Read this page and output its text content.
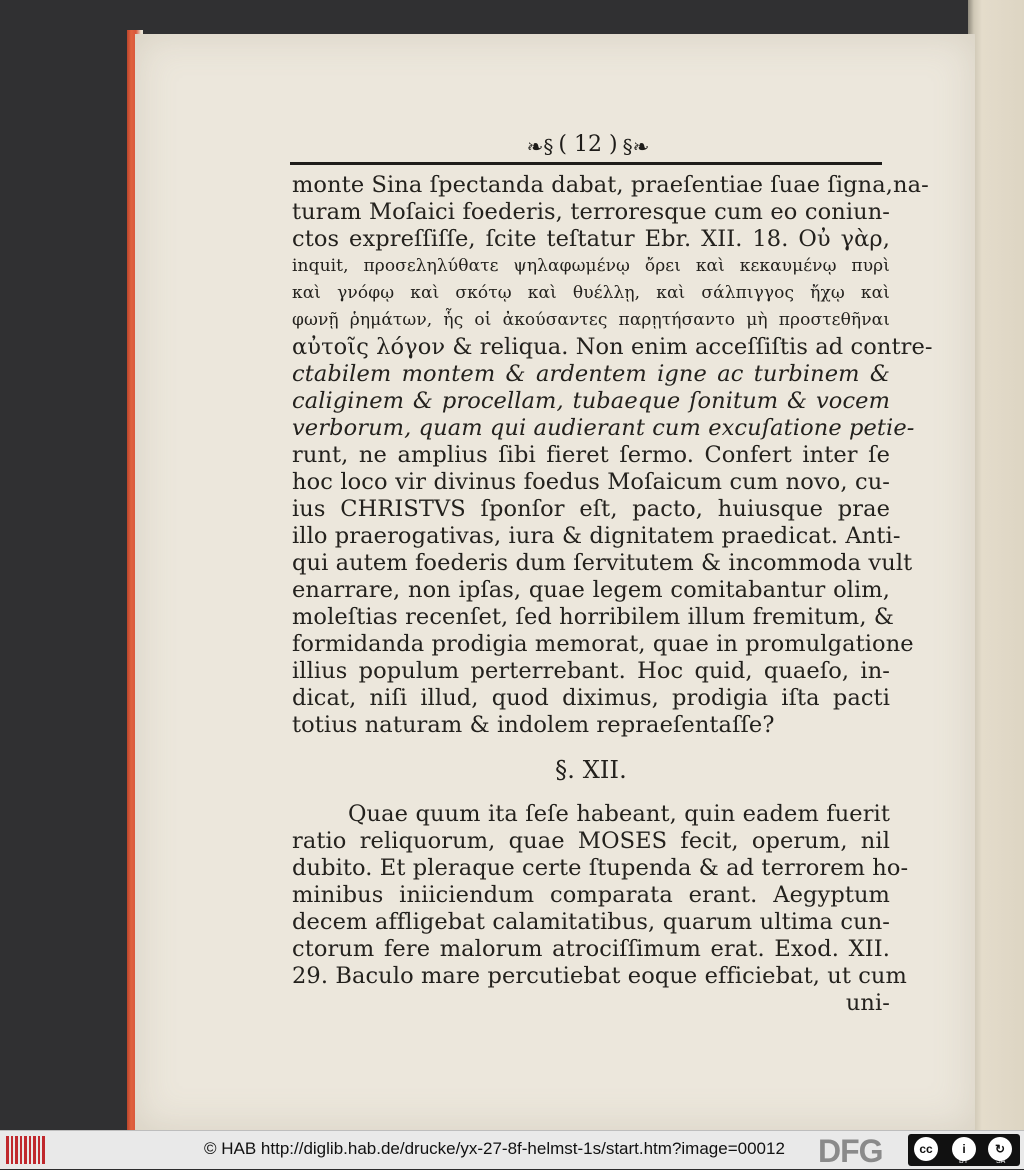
❧§ ( 12 ) §❧
monte Sina ſpectanda dabat, praeſentiae ſuae ſigna,na-
turam Moſaici foederis, terroresque cum eo coniun-
ctos expreſſiſſe, ſcite teſtatur Ebr. XII. 18. Οὐ γὰρ,
inquit, προσεληλύθατε ψηλαφωμένῳ ὄρει καὶ κεκαυμένῳ πυρὶ
καὶ γνόφῳ καὶ σκότῳ καὶ θυέλλῃ, καὶ σάλπιγγος ἤχῳ καὶ
φωνῇ ῥημάτων, ἧς οἱ ἀκούσαντες παρῃτήσαντο μὴ προστεθῆναι
αὐτοῖς λόγον & reliqua. Non enim acceſſiſtis ad contre-
ctabilem montem & ardentem igne ac turbinem &
caliginem & procellam, tubaeque ſonitum & vocem
verborum, quam qui audierant cum excuſatione petie-
runt, ne amplius ſibi fieret ſermo. Confert inter ſe
hoc loco vir divinus foedus Moſaicum cum novo, cu-
ius CHRISTVS ſponſor eſt, pacto, huiusque prae
illo praerogativas, iura & dignitatem praedicat. Anti-
qui autem foederis dum ſervitutem & incommoda vult
enarrare, non ipſas, quae legem comitabantur olim,
moleſtias recenſet, ſed horribilem illum fremitum, &
formidanda prodigia memorat, quae in promulgatione
illius populum perterrebant. Hoc quid, quaeſo, in-
dicat, niſi illud, quod diximus, prodigia iſta pacti
totius naturam & indolem repraeſentaſſe?
§. XII.
Quae quum ita ſeſe habeant, quin eadem fuerit
ratio reliquorum, quae MOSES fecit, operum, nil
dubito. Et pleraque certe ſtupenda & ad terrorem ho-
minibus iniiciendum comparata erant. Aegyptum
decem affligebat calamitatibus, quarum ultima cun-
ctorum fere malorum atrociſſimum erat. Exod. XII.
29. Baculo mare percutiebat eoque efficiebat, ut cum
uni-
© HAB http://diglib.hab.de/drucke/yx-27-8f-helmst-1s/start.htm?image=00012 DFG	cc	i	↻
BY	SA
